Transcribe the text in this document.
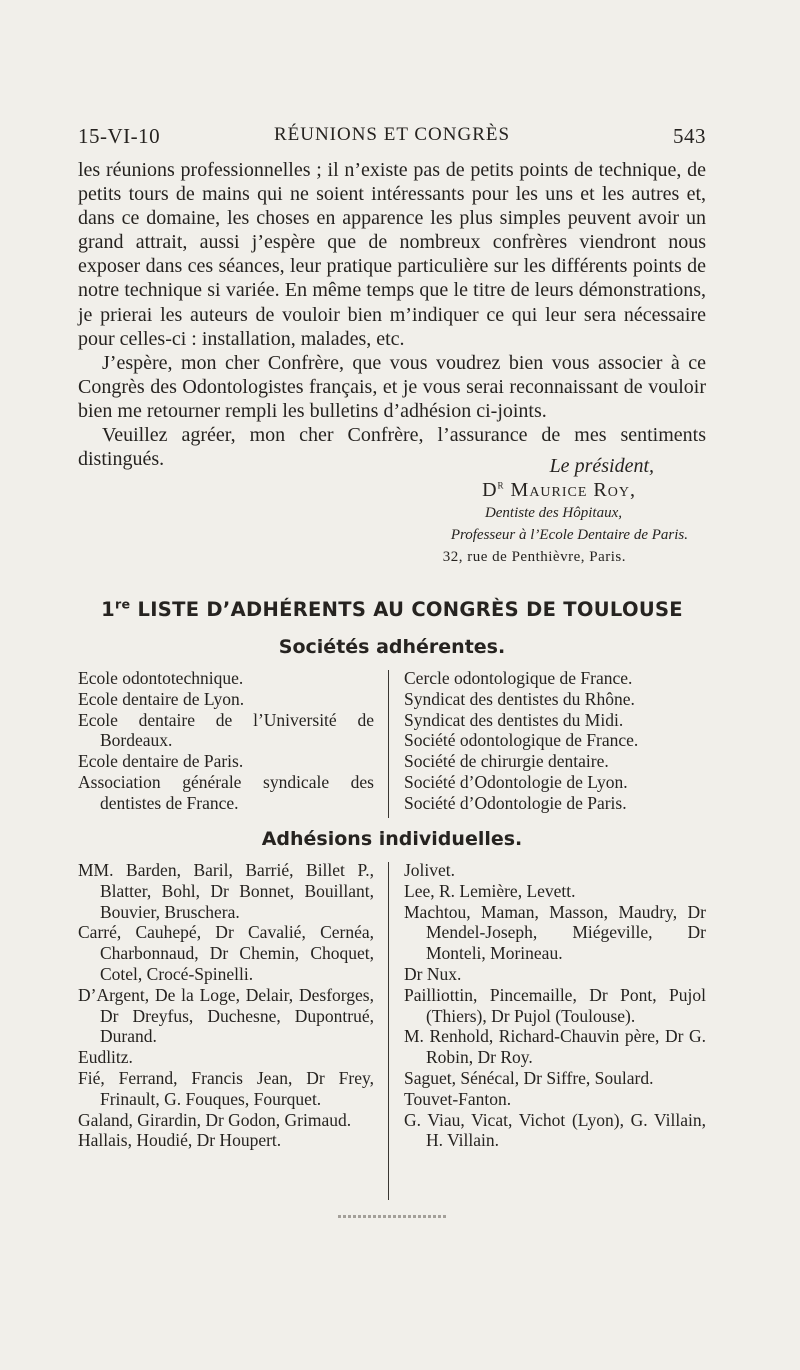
15-VI-10	RÉUNIONS ET CONGRÈS	543

les réunions professionnelles ; il n’existe pas de petits points de technique, de petits tours de mains qui ne soient intéressants pour les uns et les autres et, dans ce domaine, les choses en apparence les plus simples peuvent avoir un grand attrait, aussi j’espère que de nombreux confrères viendront nous exposer dans ces séances, leur pratique particulière sur les différents points de notre technique si variée. En même temps que le titre de leurs démonstrations, je prierai les auteurs de vouloir bien m’indiquer ce qui leur sera nécessaire pour celles-ci : installation, malades, etc.

J’espère, mon cher Confrère, que vous voudrez bien vous associer à ce Congrès des Odontologistes français, et je vous serai reconnaissant de vouloir bien me retourner rempli les bulletins d’adhésion ci-joints.

Veuillez agréer, mon cher Confrère, l’assurance de mes sentiments distingués.	Le président,
$D^r$ Maurice Roy,
Dentiste des Hôpitaux,
Professeur à l’Ecole Dentaire de Paris.
32, rue de Penthièvre, Paris.
1re LISTE D’ADHÉRENTS AU CONGRÈS DE TOULOUSE
Sociétés adhérentes.
Ecole odontotechnique.
Ecole dentaire de Lyon.
Ecole dentaire de l’Université de Bordeaux.
Ecole dentaire de Paris.
Association générale syndicale des dentistes de France.
Cercle odontologique de France.
Syndicat des dentistes du Rhône.
Syndicat des dentistes du Midi.
Société odontologique de France.
Société de chirurgie dentaire.
Société d’Odontologie de Lyon.
Société d’Odontologie de Paris.
Adhésions individuelles.
MM. Barden, Baril, Barrié, Billet P., Blatter, Bohl, Dr Bonnet, Bouillant, Bouvier, Bruschera.
Carré, Cauhepé, Dr Cavalié, Cernéa, Charbonnaud, Dr Chemin, Choquet, Cotel, Crocé-Spinelli.
D’Argent, De la Loge, Delair, Desforges, Dr Dreyfus, Duchesne, Dupontrué, Durand.
Eudlitz.
Fié, Ferrand, Francis Jean, Dr Frey, Frinault, G. Fouques, Fourquet.
Galand, Girardin, Dr Godon, Grimaud.
Hallais, Houdié, Dr Houpert.
Jolivet.
Lee, R. Lemière, Levett.
Machtou, Maman, Masson, Maudry, Dr Mendel-Joseph, Miégeville, Dr Monteli, Morineau.
Dr Nux.
Pailliottin, Pincemaille, Dr Pont, Pujol (Thiers), Dr Pujol (Toulouse).
M. Renhold, Richard-Chauvin père, Dr G. Robin, Dr Roy.
Saguet, Sénécal, Dr Siffre, Soulard.
Touvet-Fanton.
G. Viau, Vicat, Vichot (Lyon), G. Villain, H. Villain.
